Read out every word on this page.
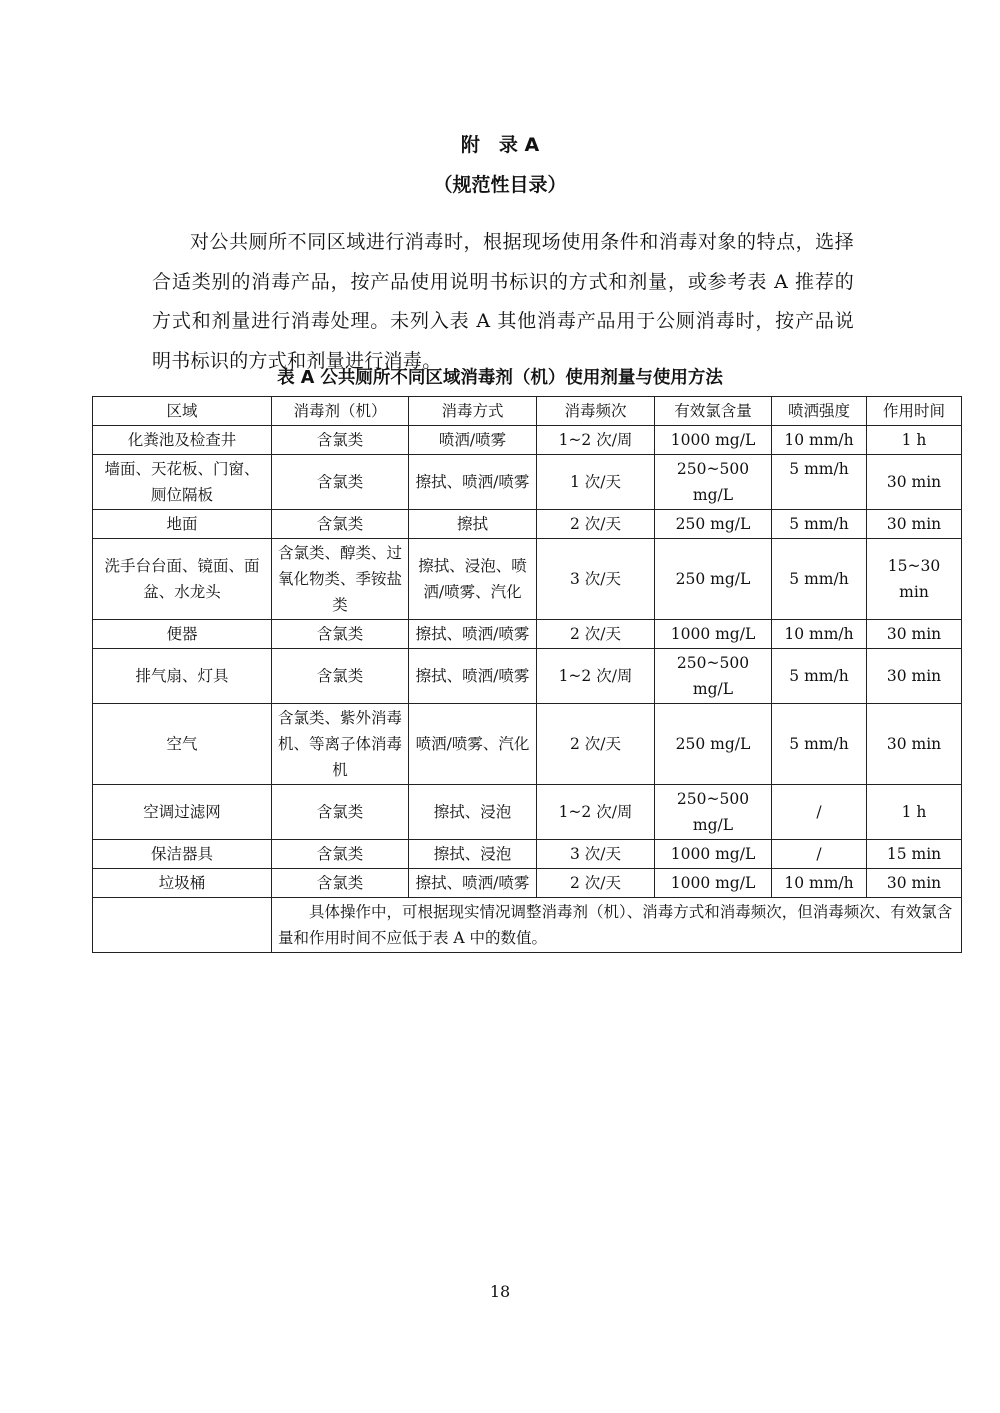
附　录 A
（规范性目录）

对公共厕所不同区域进行消毒时，根据现场使用条件和消毒对象的特点，选择合适类别的消毒产品，按产品使用说明书标识的方式和剂量，或参考表 A 推荐的方式和剂量进行消毒处理。未列入表 A 其他消毒产品用于公厕消毒时，按产品说明书标识的方式和剂量进行消毒。

表 A 公共厕所不同区域消毒剂（机）使用剂量与使用方法
区域	消毒剂（机）	消毒方式	消毒频次	有效氯含量	喷洒强度	作用时间
化粪池及检查井	含氯类	喷洒/喷雾	1~2 次/周	1000 mg/L	10 mm/h	1 h
墙面、天花板、门窗、厕位隔板	含氯类	擦拭、喷洒/喷雾	1 次/天	250~500 mg/L	5 mm/h	30 min
地面	含氯类	擦拭	2 次/天	250 mg/L	5 mm/h	30 min
洗手台台面、镜面、面盆、水龙头	含氯类、醇类、过氧化物类、季铵盐类	擦拭、浸泡、喷洒/喷雾、汽化	3 次/天	250 mg/L	5 mm/h	15~30 min
便器	含氯类	擦拭、喷洒/喷雾	2 次/天	1000 mg/L	10 mm/h	30 min
排气扇、灯具	含氯类	擦拭、喷洒/喷雾	1~2 次/周	250~500 mg/L	5 mm/h	30 min
空气	含氯类、紫外消毒机、等离子体消毒机	喷洒/喷雾、汽化	2 次/天	250 mg/L	5 mm/h	30 min
空调过滤网	含氯类	擦拭、浸泡	1~2 次/周	250~500 mg/L	/	1 h
保洁器具	含氯类	擦拭、浸泡	3 次/天	1000 mg/L	/	15 min
垃圾桶	含氯类	擦拭、喷洒/喷雾	2 次/天	1000 mg/L	10 mm/h	30 min
	具体操作中，可根据现实情况调整消毒剂（机）、消毒方式和消毒频次，但消毒频次、有效氯含量和作用时间不应低于表 A 中的数值。					
18
